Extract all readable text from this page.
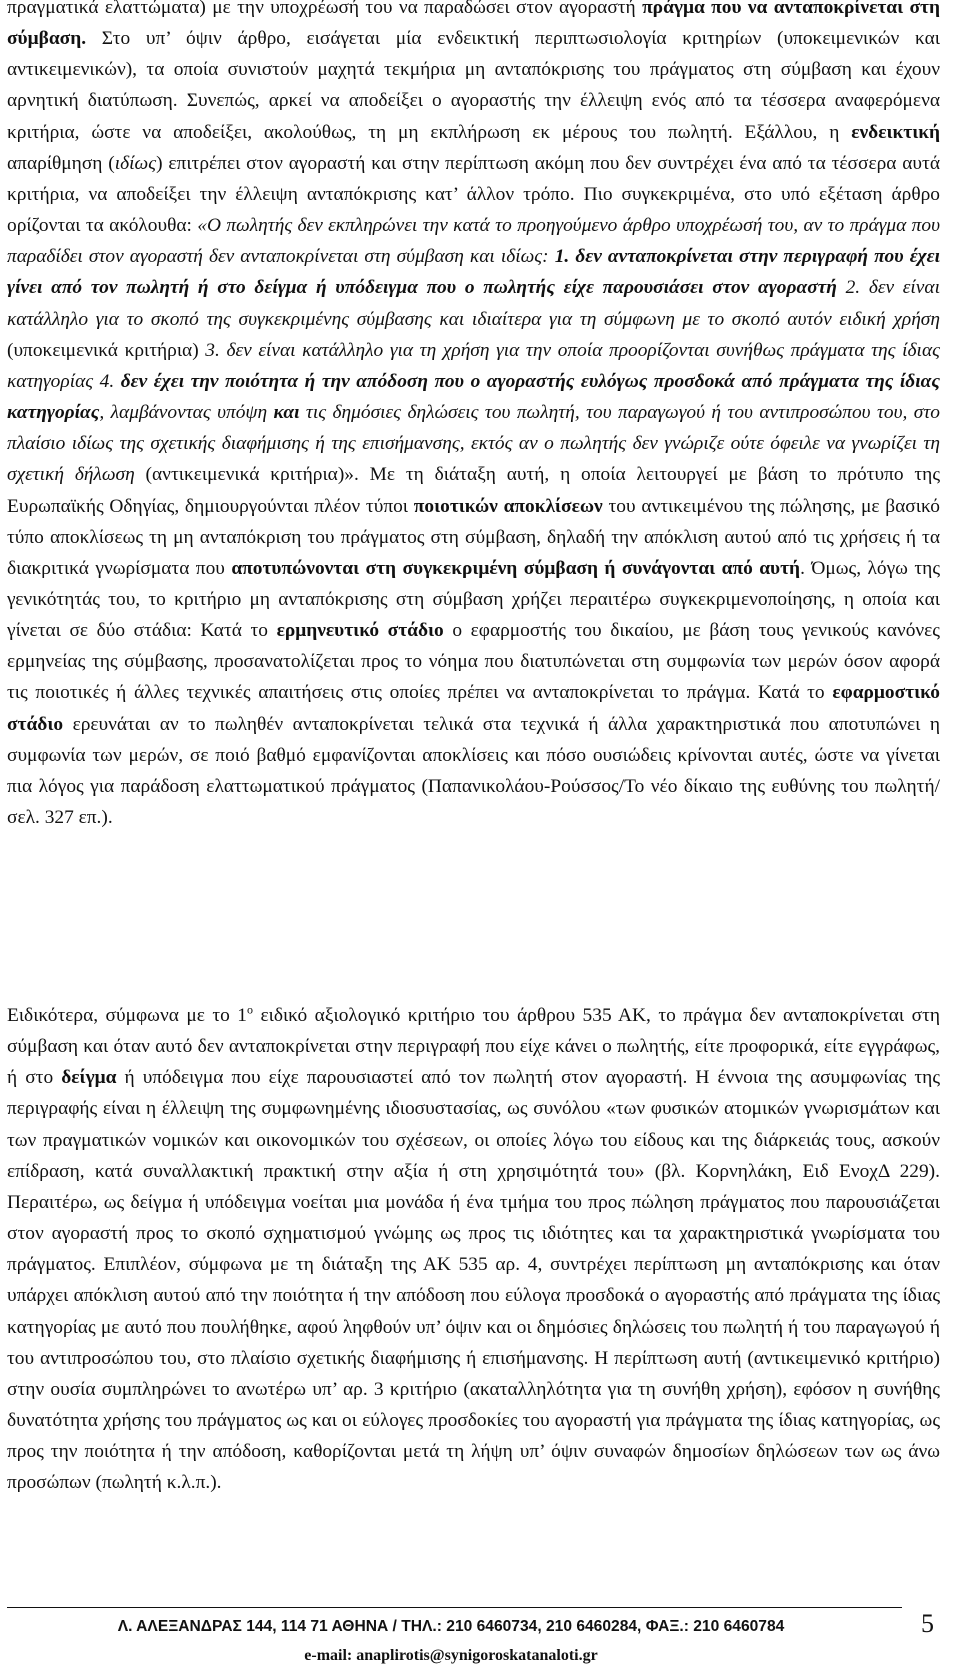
πραγματικά ελαττώματα) με την υποχρέωσή του να παραδώσει στον αγοραστή πράγμα που να ανταποκρίνεται στη σύμβαση. Στο υπ’ όψιν άρθρο, εισάγεται μία ενδεικτική περιπτωσιολογία κριτηρίων (υποκειμενικών και αντικειμενικών), τα οποία συνιστούν μαχητά τεκμήρια μη ανταπόκρισης του πράγματος στη σύμβαση και έχουν αρνητική διατύπωση. Συνεπώς, αρκεί να αποδείξει ο αγοραστής την έλλειψη ενός από τα τέσσερα αναφερόμενα κριτήρια, ώστε να αποδείξει, ακολούθως, τη μη εκπλήρωση εκ μέρους του πωλητή. Εξάλλου, η ενδεικτική απαρίθμηση (ιδίως) επιτρέπει στον αγοραστή και στην περίπτωση ακόμη που δεν συντρέχει ένα από τα τέσσερα αυτά κριτήρια, να αποδείξει την έλλειψη ανταπόκρισης κατ’ άλλον τρόπο. Πιο συγκεκριμένα, στο υπό εξέταση άρθρο ορίζονται τα ακόλουθα: «Ο πωλητής δεν εκπληρώνει την κατά το προηγούμενο άρθρο υποχρέωσή του, αν το πράγμα που παραδίδει στον αγοραστή δεν ανταποκρίνεται στη σύμβαση και ιδίως: 1. δεν ανταποκρίνεται στην περιγραφή που έχει γίνει από τον πωλητή ή στο δείγμα ή υπόδειγμα που ο πωλητής είχε παρουσιάσει στον αγοραστή 2. δεν είναι κατάλληλο για το σκοπό της συγκεκριμένης σύμβασης και ιδιαίτερα για τη σύμφωνη με το σκοπό αυτόν ειδική χρήση (υποκειμενικά κριτήρια) 3. δεν είναι κατάλληλο για τη χρήση για την οποία προορίζονται συνήθως πράγματα της ίδιας κατηγορίας 4. δεν έχει την ποιότητα ή την απόδοση που ο αγοραστής ευλόγως προσδοκά από πράγματα της ίδιας κατηγορίας, λαμβάνοντας υπόψη και τις δημόσιες δηλώσεις του πωλητή, του παραγωγού ή του αντιπροσώπου του, στο πλαίσιο ιδίως της σχετικής διαφήμισης ή της επισήμανσης, εκτός αν ο πωλητής δεν γνώριζε ούτε όφειλε να γνωρίζει τη σχετική δήλωση (αντικειμενικά κριτήρια)». Με τη διάταξη αυτή, η οποία λειτουργεί με βάση το πρότυπο της Ευρωπαϊκής Οδηγίας, δημιουργούνται πλέον τύποι ποιοτικών αποκλίσεων του αντικειμένου της πώλησης, με βασικό τύπο αποκλίσεως τη μη ανταπόκριση του πράγματος στη σύμβαση, δηλαδή την απόκλιση αυτού από τις χρήσεις ή τα διακριτικά γνωρίσματα που αποτυπώνονται στη συγκεκριμένη σύμβαση ή συνάγονται από αυτή. Όμως, λόγω της γενικότητάς του, το κριτήριο μη ανταπόκρισης στη σύμβαση χρήζει περαιτέρω συγκεκριμενοποίησης, η οποία και γίνεται σε δύο στάδια: Κατά το ερμηνευτικό στάδιο ο εφαρμοστής του δικαίου, με βάση τους γενικούς κανόνες ερμηνείας της σύμβασης, προσανατολίζεται προς το νόημα που διατυπώνεται στη συμφωνία των μερών όσον αφορά τις ποιοτικές ή άλλες τεχνικές απαιτήσεις στις οποίες πρέπει να ανταποκρίνεται το πράγμα. Κατά το εφαρμοστικό στάδιο ερευνάται αν το πωληθέν ανταποκρίνεται τελικά στα τεχνικά ή άλλα χαρακτηριστικά που αποτυπώνει η συμφωνία των μερών, σε ποιό βαθμό εμφανίζονται αποκλίσεις και πόσο ουσιώδεις κρίνονται αυτές, ώστε να γίνεται πια λόγος για παράδοση ελαττωματικού πράγματος (Παπανικολάου-Ρούσσος/Το νέο δίκαιο της ευθύνης του πωλητή/σελ. 327 επ.).

Ειδικότερα, σύμφωνα με το $1^o$ ειδικό αξιολογικό κριτήριο του άρθρου 535 ΑΚ, το πράγμα δεν ανταποκρίνεται στη σύμβαση και όταν αυτό δεν ανταποκρίνεται στην περιγραφή που είχε κάνει ο πωλητής, είτε προφορικά, είτε εγγράφως, ή στο δείγμα ή υπόδειγμα που είχε παρουσιαστεί από τον πωλητή στον αγοραστή. Η έννοια της ασυμφωνίας της περιγραφής είναι η έλλειψη της συμφωνημένης ιδιοσυστασίας, ως συνόλου «των φυσικών ατομικών γνωρισμάτων και των πραγματικών νομικών και οικονομικών του σχέσεων, οι οποίες λόγω του είδους και της διάρκειάς τους, ασκούν επίδραση, κατά συναλλακτική πρακτική στην αξία ή στη χρησιμότητά του» (βλ. Κορνηλάκη, Ειδ ΕνοχΔ 229). Περαιτέρω, ως δείγμα ή υπόδειγμα νοείται μια μονάδα ή ένα τμήμα του προς πώληση πράγματος που παρουσιάζεται στον αγοραστή προς το σκοπό σχηματισμού γνώμης ως προς τις ιδιότητες και τα χαρακτηριστικά γνωρίσματα του πράγματος. Επιπλέον, σύμφωνα με τη διάταξη της ΑΚ 535 αρ. 4, συντρέχει περίπτωση μη ανταπόκρισης και όταν υπάρχει απόκλιση αυτού από την ποιότητα ή την απόδοση που εύλογα προσδοκά ο αγοραστής από πράγματα της ίδιας κατηγορίας με αυτό που πουλήθηκε, αφού ληφθούν υπ’ όψιν και οι δημόσιες δηλώσεις του πωλητή ή του παραγωγού ή του αντιπροσώπου του, στο πλαίσιο σχετικής διαφήμισης ή επισήμανσης. Η περίπτωση αυτή (αντικειμενικό κριτήριο) στην ουσία συμπληρώνει το ανωτέρω υπ’ αρ. 3 κριτήριο (ακαταλληλότητα για τη συνήθη χρήση), εφόσον η συνήθης δυνατότητα χρήσης του πράγματος ως και οι εύλογες προσδοκίες του αγοραστή για πράγματα της ίδιας κατηγορίας, ως προς την ποιότητα ή την απόδοση, καθορίζονται μετά τη λήψη υπ’ όψιν συναφών δημοσίων δηλώσεων των ως άνω προσώπων (πωλητή κ.λ.π.).

Λ. ΑΛΕΞΑΝΔΡΑΣ 144, 114 71 ΑΘΗΝΑ / ΤΗΛ.: 210 6460734, 210 6460284, ΦΑΞ.: 210 6460784	5
e-mail: anaplirotis@synigoroskatanaloti.gr
